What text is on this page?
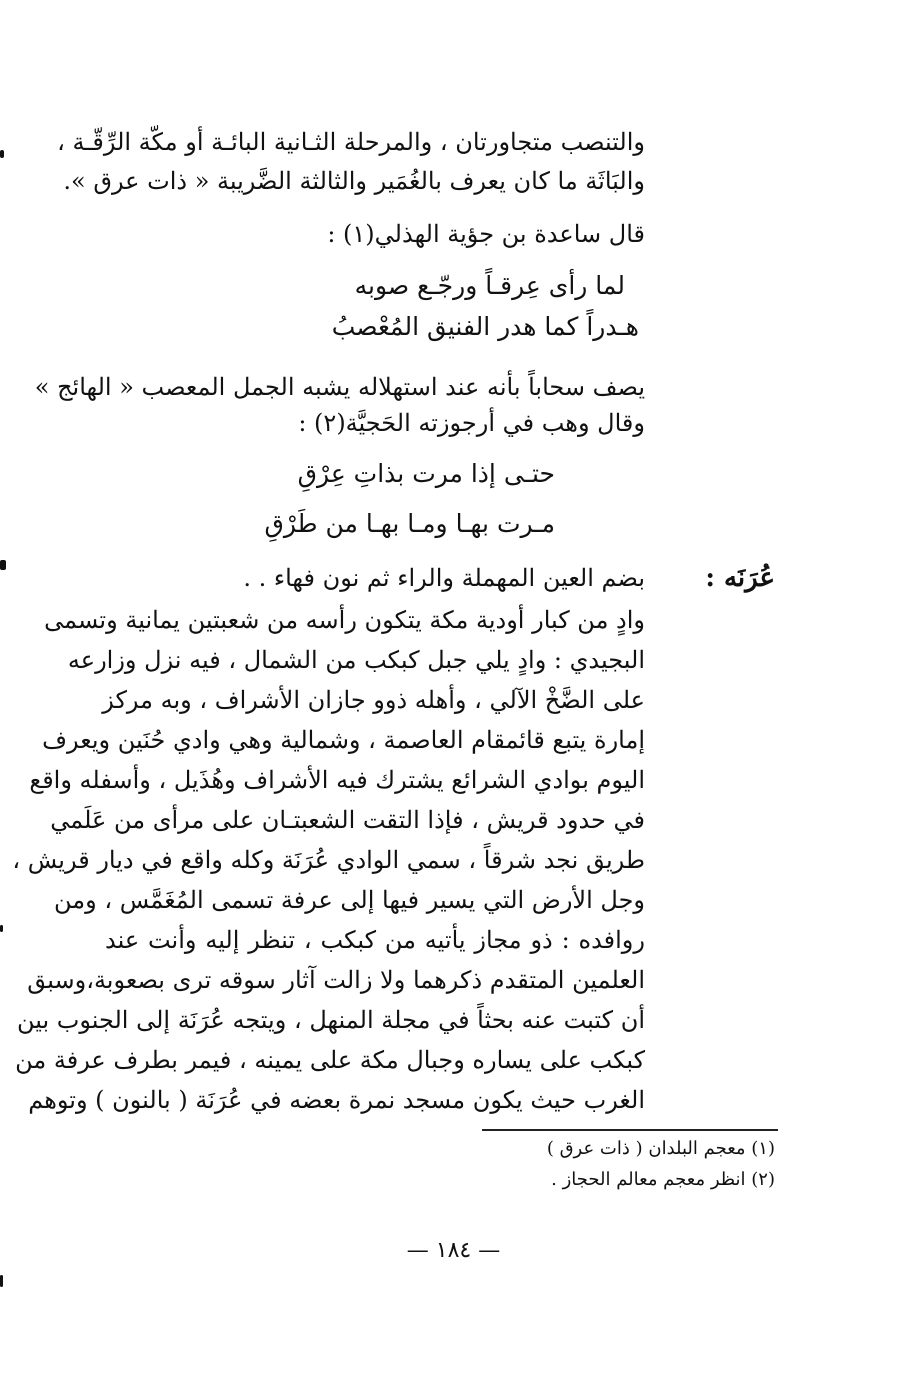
والتنصب متجاورتان ، والمرحلة الثـانية البائـة أو مكّة الرِّقّـة ،
والبَاثَة ما كان يعرف بالغُمَير والثالثة الضَّريبة « ذات عرق ».
قال ساعدة بن جؤية الهذلي(١) :
لما رأى عِرقـاً ورجّـع صوبه
هـدراً كما هدر الفنيق المُعْصبُ
يصف سحاباً بأنه عند استهلاله يشبه الجمل المعصب « الهائج »
وقال وهب في أرجوزته الحَجيَّة(٢) :
حتـى إذا مرت بذاتِ عِرْقِ
مـرت بهـا ومـا بهـا من طَرْقِ
عُرَنَه :
بضم العين المهملة والراء ثم نون فهاء . .
وادٍ من كبار أودية مكة يتكون رأسه من شعبتين يمانية وتسمى
البجيدي : وادٍ يلي جبل كبكب من الشمال ، فيه نزل وزارعه
على الضَّخْ الآلي ، وأهله ذوو جازان الأشراف ، وبه مركز
إمارة يتبع قائمقام العاصمة ، وشمالية وهي وادي حُنَين ويعرف
اليوم بوادي الشرائع يشترك فيه الأشراف وهُذَيل ، وأسفله واقع
في حدود قريش ، فإذا التقت الشعبتـان على مرأى من عَلَمي
طريق نجد شرقاً ، سمي الوادي عُرَنَة وكله واقع في ديار قريش ،
وجل الأرض التي يسير فيها إلى عرفة تسمى المُغَمَّس ، ومن
روافده : ذو مجاز يأتيه من كبكب ، تنظر إليه وأنت عند
العلمين المتقدم ذكرهما ولا زالت آثار سوقه ترى بصعوبة،وسبق
أن كتبت عنه بحثاً في مجلة المنهل ، ويتجه عُرَنَة إلى الجنوب بين
كبكب على يساره وجبال مكة على يمينه ، فيمر بطرف عرفة من
الغرب حيث يكون مسجد نمرة بعضه في عُرَنَة ( بالنون ) وتوهم
(١) معجم البلدان ( ذات عرق )
(٢) انظر معجم معالم الحجاز .
— ١٨٤ —
